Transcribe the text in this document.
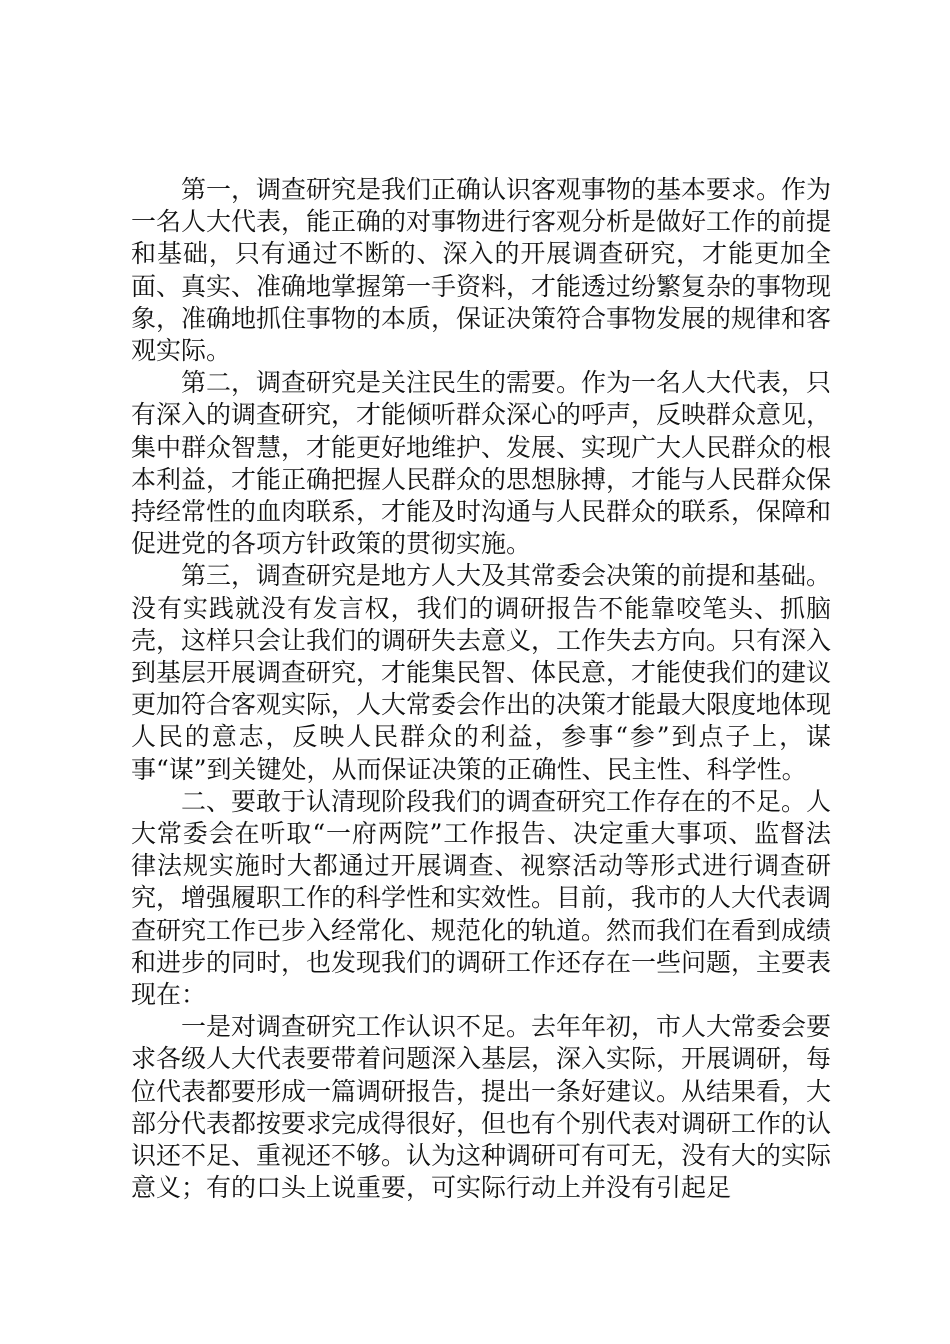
第一，调查研究是我们正确认识客观事物的基本要求。作为一名人大代表，能正确的对事物进行客观分析是做好工作的前提和基础，只有通过不断的、深入的开展调查研究，才能更加全面、真实、准确地掌握第一手资料，才能透过纷繁复杂的事物现象，准确地抓住事物的本质，保证决策符合事物发展的规律和客观实际。

第二，调查研究是关注民生的需要。作为一名人大代表，只有深入的调查研究，才能倾听群众深心的呼声，反映群众意见，集中群众智慧，才能更好地维护、发展、实现广大人民群众的根本利益，才能正确把握人民群众的思想脉搏，才能与人民群众保持经常性的血肉联系，才能及时沟通与人民群众的联系，保障和促进党的各项方针政策的贯彻实施。

第三，调查研究是地方人大及其常委会决策的前提和基础。没有实践就没有发言权，我们的调研报告不能靠咬笔头、抓脑壳，这样只会让我们的调研失去意义，工作失去方向。只有深入到基层开展调查研究，才能集民智、体民意，才能使我们的建议更加符合客观实际，人大常委会作出的决策才能最大限度地体现人民的意志，反映人民群众的利益，参事“参”到点子上，谋事“谋”到关键处，从而保证决策的正确性、民主性、科学性。

二、要敢于认清现阶段我们的调查研究工作存在的不足。人大常委会在听取“一府两院”工作报告、决定重大事项、监督法律法规实施时大都通过开展调查、视察活动等形式进行调查研究，增强履职工作的科学性和实效性。目前，我市的人大代表调查研究工作已步入经常化、规范化的轨道。然而我们在看到成绩和进步的同时，也发现我们的调研工作还存在一些问题，主要表现在：

一是对调查研究工作认识不足。去年年初，市人大常委会要求各级人大代表要带着问题深入基层，深入实际，开展调研，每位代表都要形成一篇调研报告，提出一条好建议。从结果看，大部分代表都按要求完成得很好，但也有个别代表对调研工作的认识还不足、重视还不够。认为这种调研可有可无，没有大的实际意义；有的口头上说重要，可实际行动上并没有引起足
